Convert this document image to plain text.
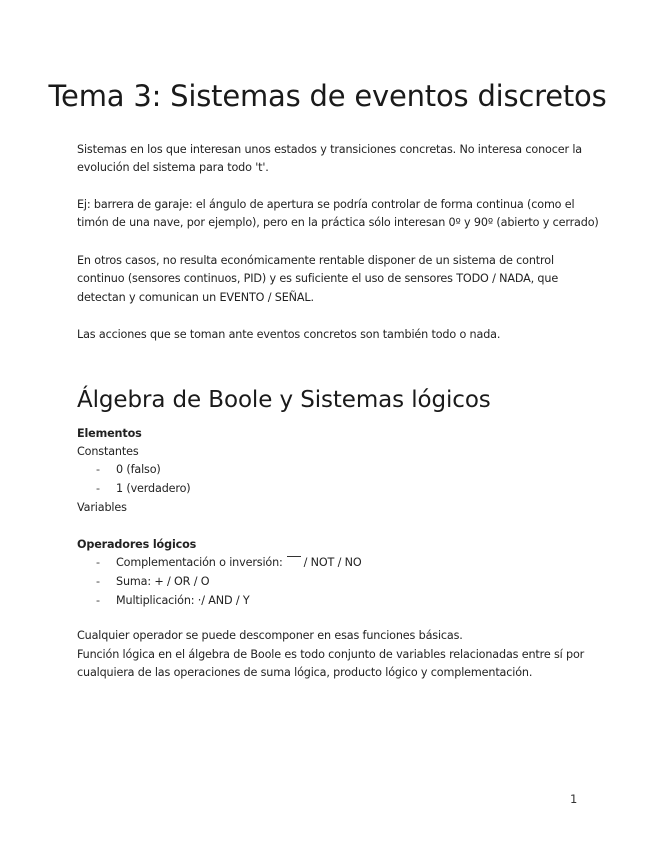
Tema 3: Sistemas de eventos discretos
Sistemas en los que interesan unos estados y transiciones concretas. No interesa conocer la
evolución del sistema para todo 't'.
Ej: barrera de garaje: el ángulo de apertura se podría controlar de forma continua (como el
timón de una nave, por ejemplo), pero en la práctica sólo interesan 0º y 90º (abierto y cerrado)
En otros casos, no resulta económicamente rentable disponer de un sistema de control
continuo (sensores continuos, PID) y es suficiente el uso de sensores TODO / NADA, que
detectan y comunican un EVENTO / SEÑAL.
Las acciones que se toman ante eventos concretos son también todo o nada.
Álgebra de Boole y Sistemas lógicos
Elementos
Constantes
- 0 (falso)
- 1 (verdadero)
Variables
Operadores lógicos
- Complementación o inversión: / NOT / NO
- Suma: + / OR / O
- Multiplicación: ·/ AND / Y
Cualquier operador se puede descomponer en esas funciones básicas.
Función lógica en el álgebra de Boole es todo conjunto de variables relacionadas entre sí por
cualquiera de las operaciones de suma lógica, producto lógico y complementación.
1
